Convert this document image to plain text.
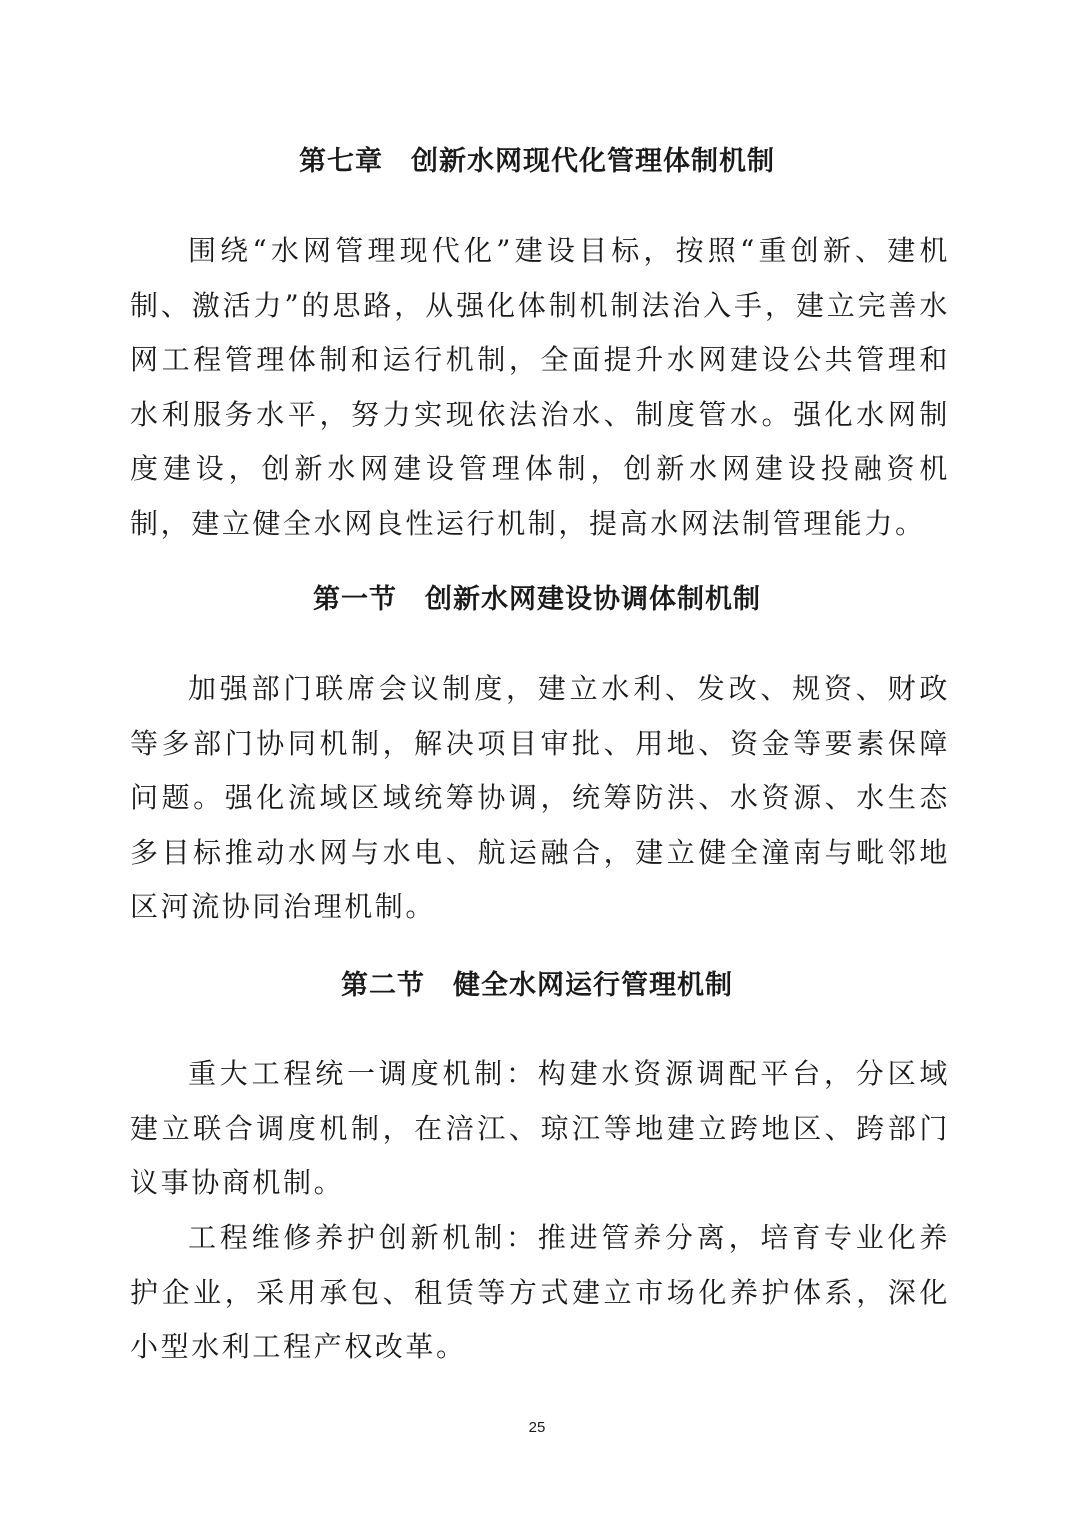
第七章　创新水网现代化管理体制机制

围绕“水网管理现代化”建设目标，按照“重创新、建机制、激活力”的思路，从强化体制机制法治入手，建立完善水网工程管理体制和运行机制，全面提升水网建设公共管理和水利服务水平，努力实现依法治水、制度管水。强化水网制度建设，创新水网建设管理体制，创新水网建设投融资机制，建立健全水网良性运行机制，提高水网法制管理能力。

第一节　创新水网建设协调体制机制

加强部门联席会议制度，建立水利、发改、规资、财政等多部门协同机制，解决项目审批、用地、资金等要素保障问题。强化流域区域统筹协调，统筹防洪、水资源、水生态多目标推动水网与水电、航运融合，建立健全潼南与毗邻地区河流协同治理机制。

第二节　健全水网运行管理机制

重大工程统一调度机制：构建水资源调配平台，分区域建立联合调度机制，在涪江、琼江等地建立跨地区、跨部门议事协商机制。

工程维修养护创新机制：推进管养分离，培育专业化养护企业，采用承包、租赁等方式建立市场化养护体系，深化小型水利工程产权改革。

25
